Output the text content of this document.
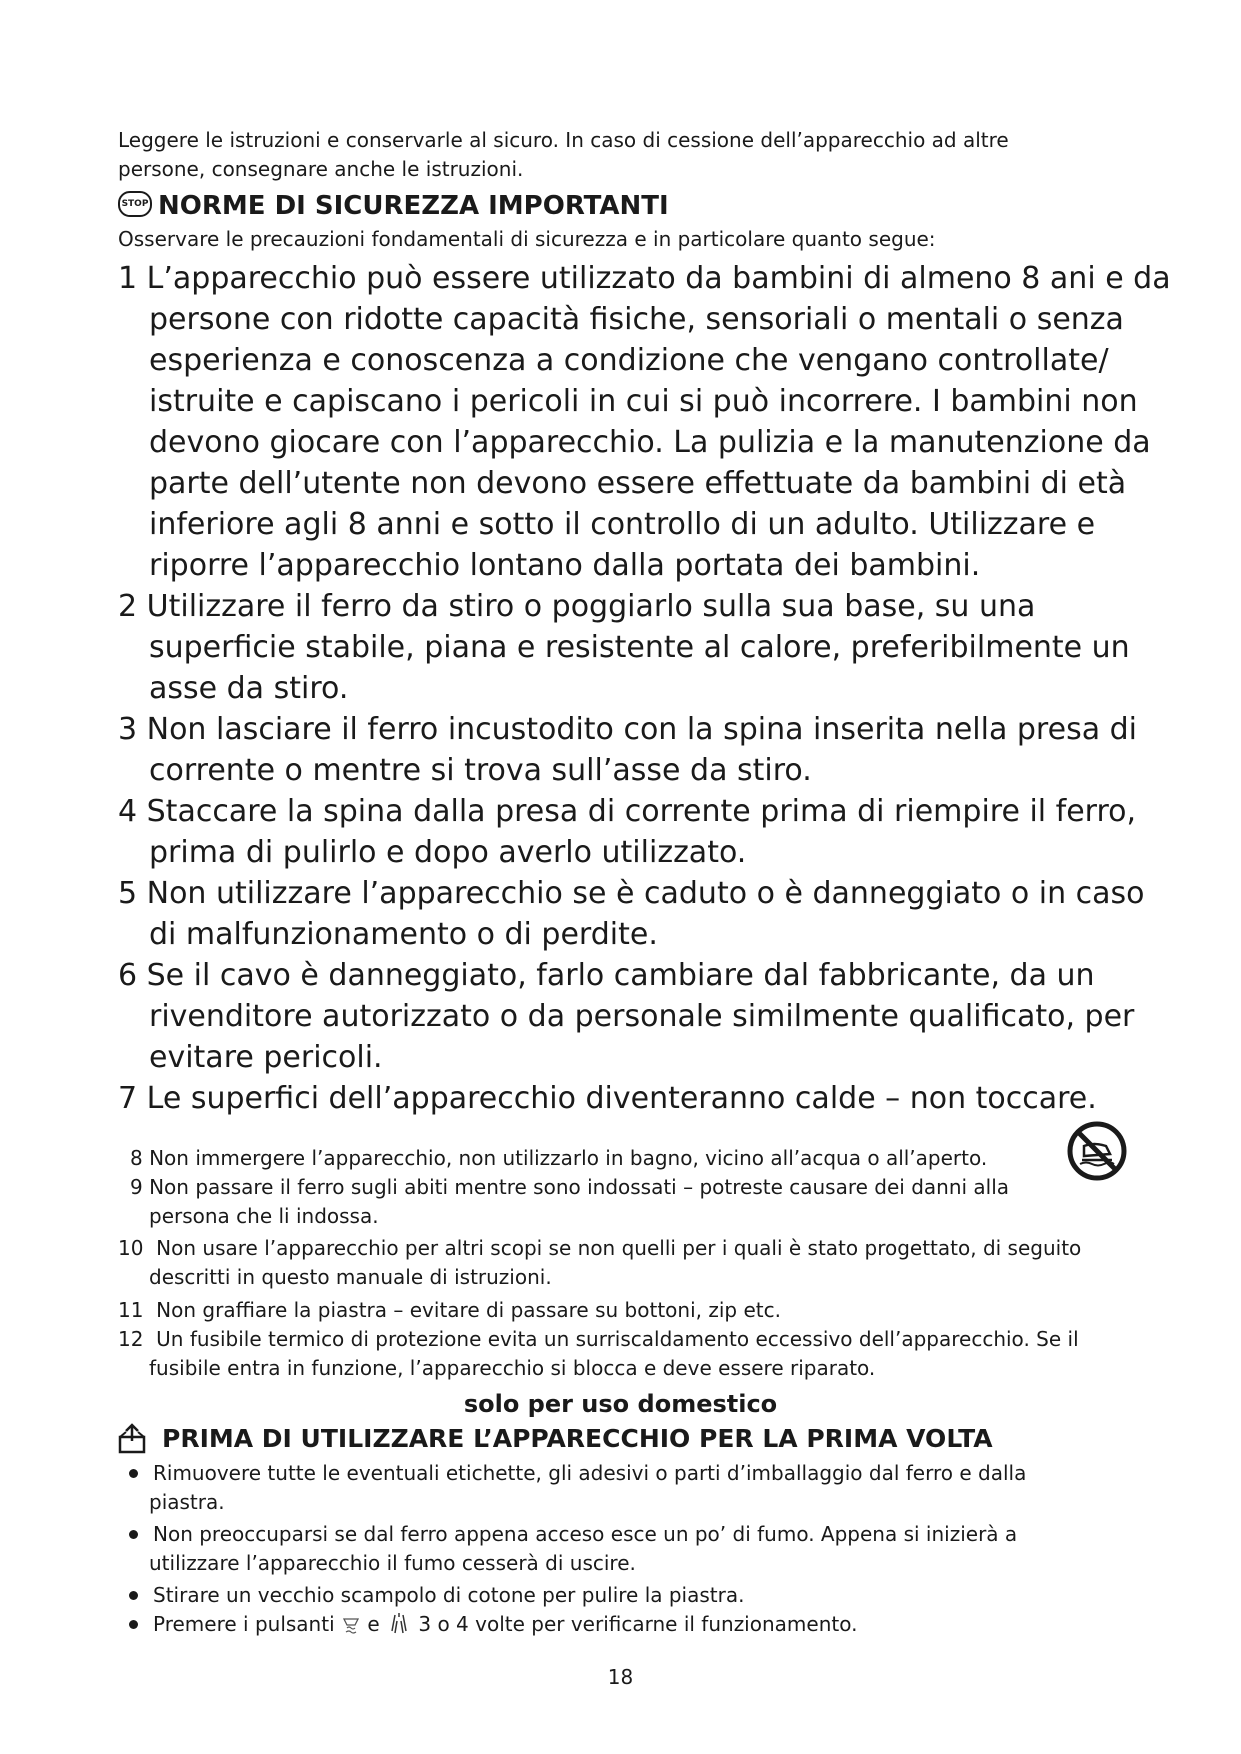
Leggere le istruzioni e conservarle al sicuro. In caso di cessione dell’apparecchio ad altre
persone, consegnare anche le istruzioni.
STOP NORME DI SICUREZZA IMPORTANTI
Osservare le precauzioni fondamentali di sicurezza e in particolare quanto segue:
1 L’apparecchio può essere utilizzato da bambini di almeno 8 ani e da
persone con ridotte capacità fisiche, sensoriali o mentali o senza
esperienza e conoscenza a condizione che vengano controllate/
istruite e capiscano i pericoli in cui si può incorrere. I bambini non
devono giocare con l’apparecchio. La pulizia e la manutenzione da
parte dell’utente non devono essere effettuate da bambini di età
inferiore agli 8 anni e sotto il controllo di un adulto. Utilizzare e
riporre l’apparecchio lontano dalla portata dei bambini.
2 Utilizzare il ferro da stiro o poggiarlo sulla sua base, su una
superficie stabile, piana e resistente al calore, preferibilmente un
asse da stiro.
3 Non lasciare il ferro incustodito con la spina inserita nella presa di
corrente o mentre si trova sull’asse da stiro.
4 Staccare la spina dalla presa di corrente prima di riempire il ferro,
prima di pulirlo e dopo averlo utilizzato.
5 Non utilizzare l’apparecchio se è caduto o è danneggiato o in caso
di malfunzionamento o di perdite.
6 Se il cavo è danneggiato, farlo cambiare dal fabbricante, da un
rivenditore autorizzato o da personale similmente qualificato, per
evitare pericoli.
7 Le superfici dell’apparecchio diventeranno calde – non toccare.
8 Non immergere l’apparecchio, non utilizzarlo in bagno, vicino all’acqua o all’aperto.
9 Non passare il ferro sugli abiti mentre sono indossati – potreste causare dei danni alla
persona che li indossa.
10 Non usare l’apparecchio per altri scopi se non quelli per i quali è stato progettato, di seguito
descritti in questo manuale di istruzioni.
11 Non graffiare la piastra – evitare di passare su bottoni, zip etc.
12 Un fusibile termico di protezione evita un surriscaldamento eccessivo dell’apparecchio. Se il
fusibile entra in funzione, l’apparecchio si blocca e deve essere riparato.
solo per uso domestico
PRIMA DI UTILIZZARE L’APPARECCHIO PER LA PRIMA VOLTA
Rimuovere tutte le eventuali etichette, gli adesivi o parti d’imballaggio dal ferro e dalla
piastra.
Non preoccuparsi se dal ferro appena acceso esce un po’ di fumo. Appena si inizierà a
utilizzare l’apparecchio il fumo cesserà di uscire.
Stirare un vecchio scampolo di cotone per pulire la piastra.
Premere i pulsanti e 3 o 4 volte per verificarne il funzionamento.
18
